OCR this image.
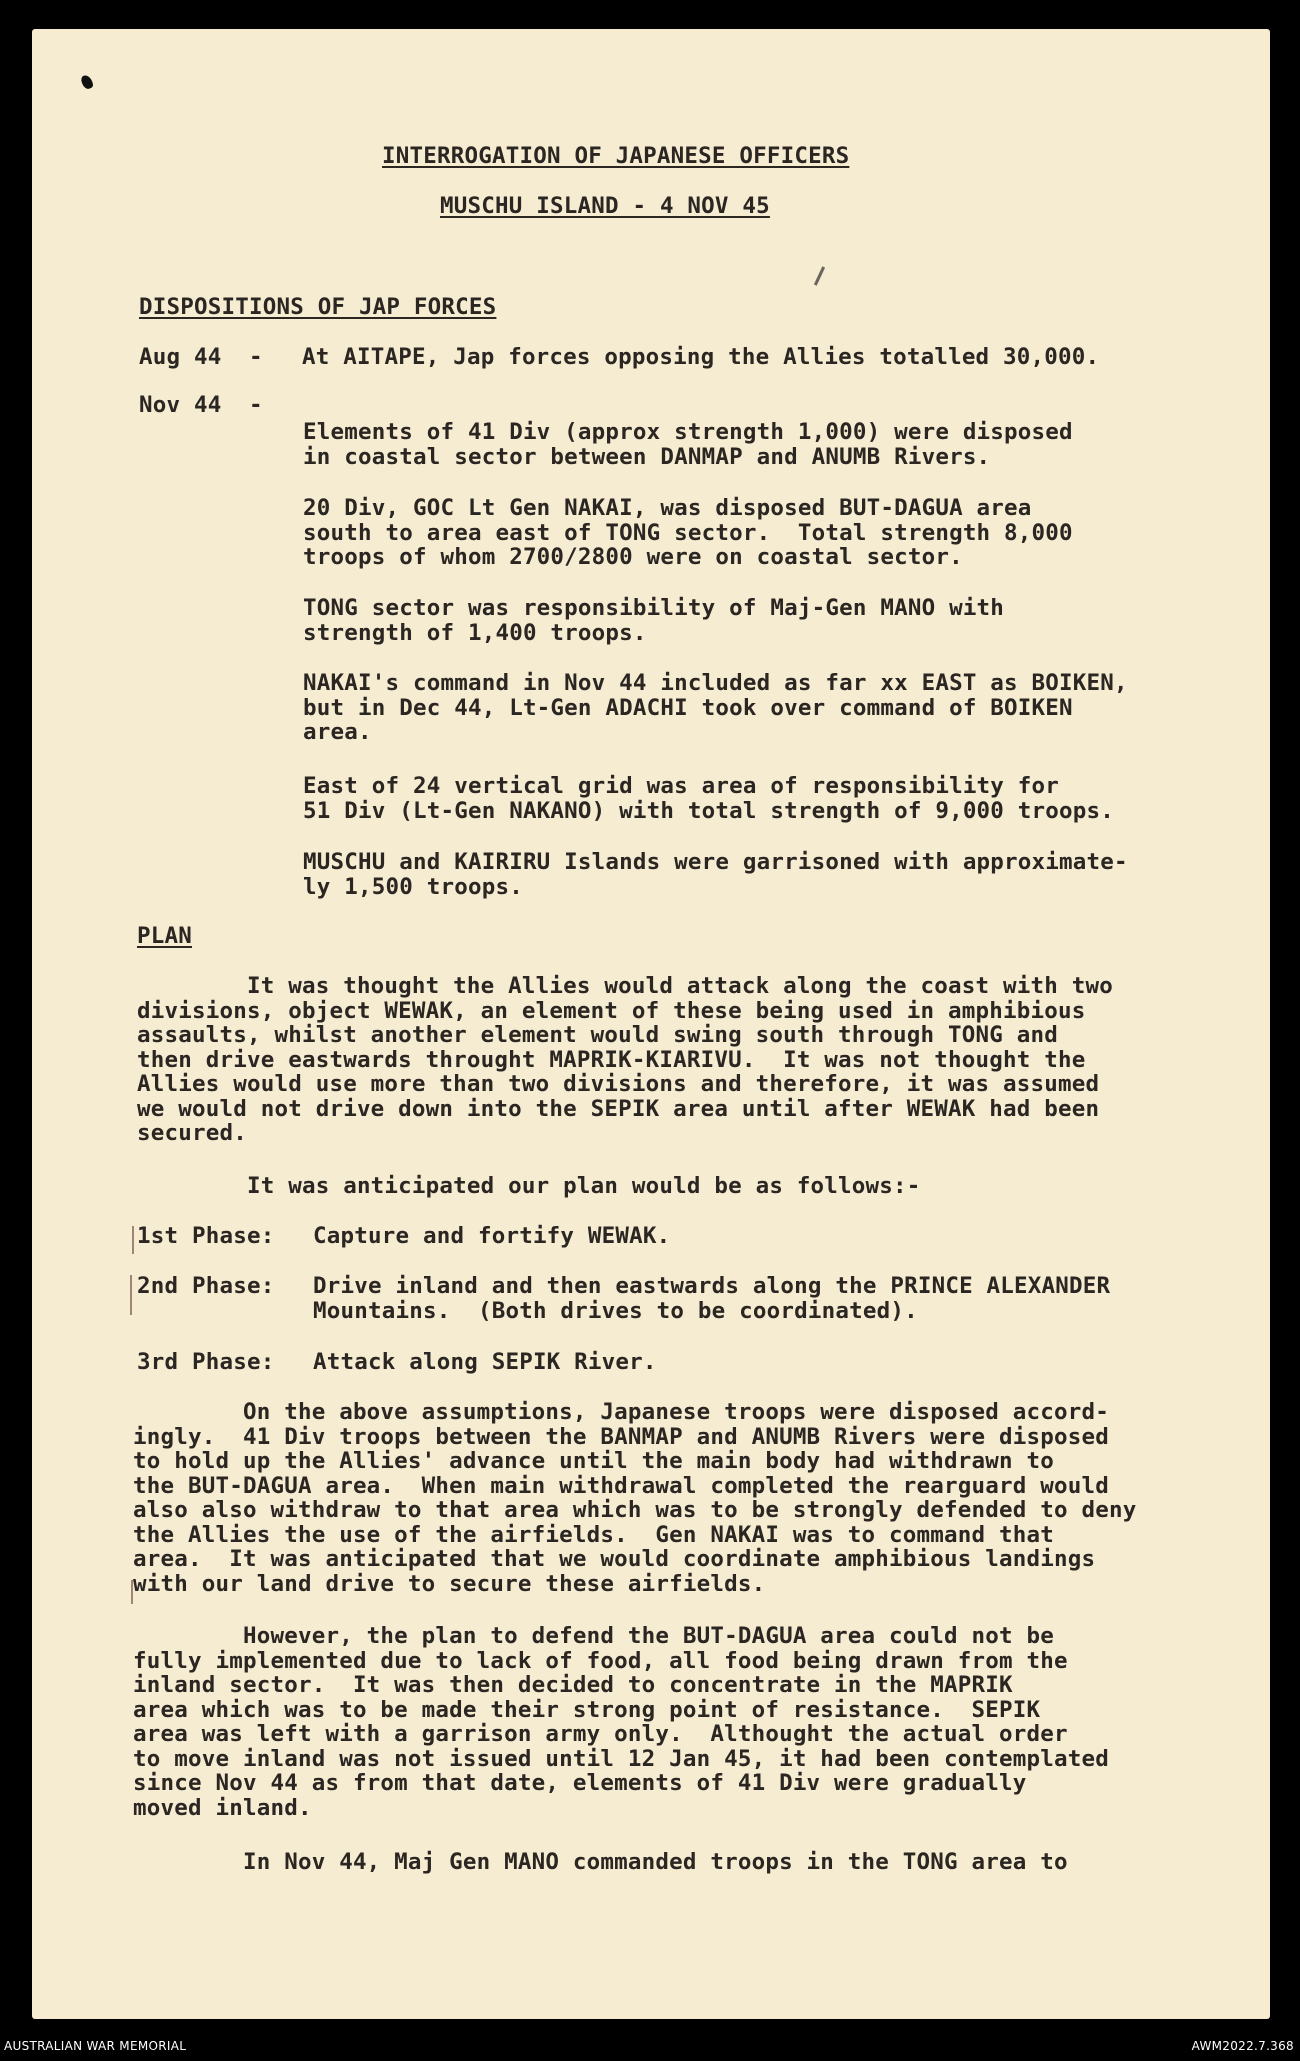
INTERROGATION OF JAPANESE OFFICERS
MUSCHU ISLAND - 4 NOV 45
DISPOSITIONS OF JAP FORCES
Aug 44  - At AITAPE, Jap forces opposing the Allies totalled 30,000.
Nov 44  -
Elements of 41 Div (approx strength 1,000) were disposed
in coastal sector between DANMAP and ANUMB Rivers.
20 Div, GOC Lt Gen NAKAI, was disposed BUT-DAGUA area
south to area east of TONG sector.  Total strength 8,000
troops of whom 2700/2800 were on coastal sector.
TONG sector was responsibility of Maj-Gen MANO with
strength of 1,400 troops.
NAKAI's command in Nov 44 included as far xx EAST as BOIKEN,
but in Dec 44, Lt-Gen ADACHI took over command of BOIKEN
area.
East of 24 vertical grid was area of responsibility for
51 Div (Lt-Gen NAKANO) with total strength of 9,000 troops.
MUSCHU and KAIRIRU Islands were garrisoned with approximate-
ly 1,500 troops.
PLAN
It was thought the Allies would attack along the coast with two
divisions, object WEWAK, an element of these being used in amphibious
assaults, whilst another element would swing south through TONG and
then drive eastwards throught MAPRIK-KIARIVU.  It was not thought the
Allies would use more than two divisions and therefore, it was assumed
we would not drive down into the SEPIK area until after WEWAK had been
secured.
It was anticipated our plan would be as follows:-
1st Phase: Capture and fortify WEWAK.
2nd Phase: Drive inland and then eastwards along the PRINCE ALEXANDER
Mountains.  (Both drives to be coordinated).
3rd Phase: Attack along SEPIK River.
On the above assumptions, Japanese troops were disposed accord-
ingly.  41 Div troops between the BANMAP and ANUMB Rivers were disposed
to hold up the Allies' advance until the main body had withdrawn to
the BUT-DAGUA area.  When main withdrawal completed the rearguard would
also also withdraw to that area which was to be strongly defended to deny
the Allies the use of the airfields.  Gen NAKAI was to command that
area.  It was anticipated that we would coordinate amphibious landings
with our land drive to secure these airfields.
However, the plan to defend the BUT-DAGUA area could not be
fully implemented due to lack of food, all food being drawn from the
inland sector.  It was then decided to concentrate in the MAPRIK
area which was to be made their strong point of resistance.  SEPIK
area was left with a garrison army only.  Althought the actual order
to move inland was not issued until 12 Jan 45, it had been contemplated
since Nov 44 as from that date, elements of 41 Div were gradually
moved inland.
In Nov 44, Maj Gen MANO commanded troops in the TONG area to
AUSTRALIAN WAR MEMORIAL	AWM2022.7.368
